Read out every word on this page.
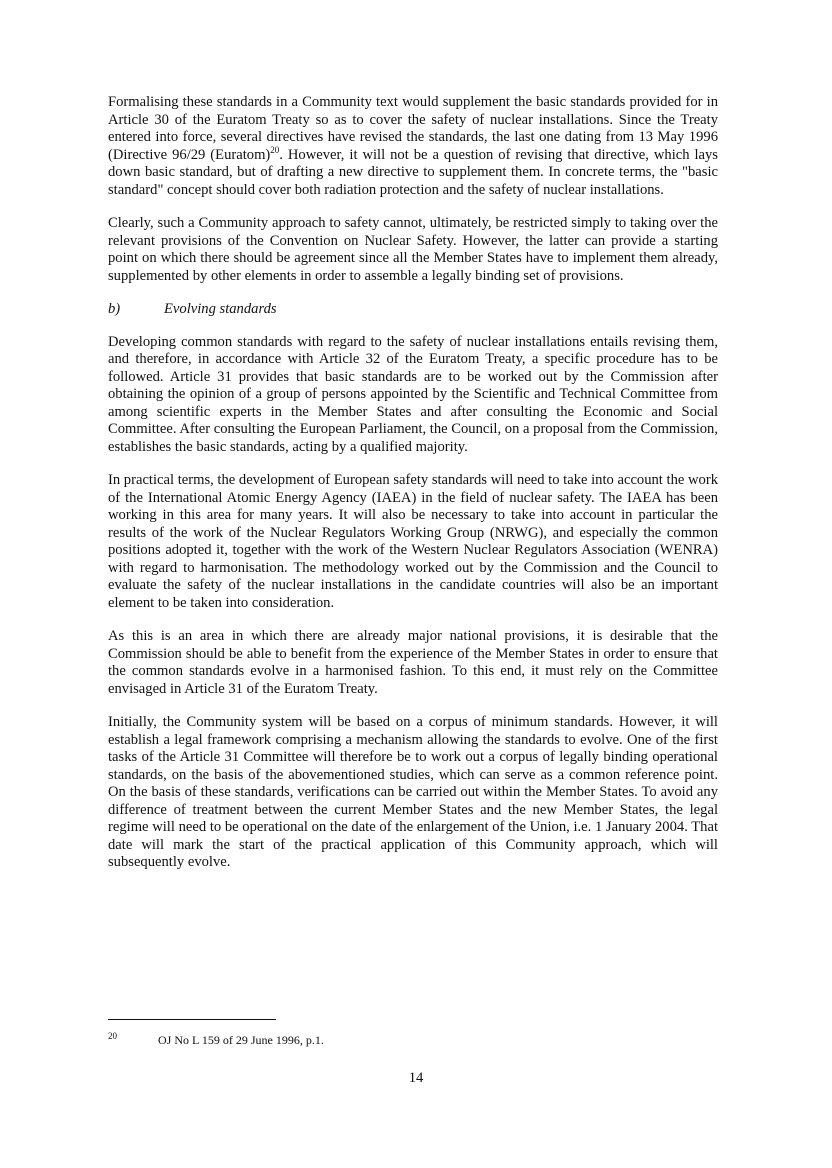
Formalising these standards in a Community text would supplement the basic standards provided for in Article 30 of the Euratom Treaty so as to cover the safety of nuclear installations. Since the Treaty entered into force, several directives have revised the standards, the last one dating from 13 May 1996 (Directive 96/29 (Euratom)$^{20}$. However, it will not be a question of revising that directive, which lays down basic standard, but of drafting a new directive to supplement them. In concrete terms, the "basic standard" concept should cover both radiation protection and the safety of nuclear installations.

Clearly, such a Community approach to safety cannot, ultimately, be restricted simply to taking over the relevant provisions of the Convention on Nuclear Safety. However, the latter can provide a starting point on which there should be agreement since all the Member States have to implement them already, supplemented by other elements in order to assemble a legally binding set of provisions.

b)	Evolving standards

Developing common standards with regard to the safety of nuclear installations entails revising them, and therefore, in accordance with Article 32 of the Euratom Treaty, a specific procedure has to be followed. Article 31 provides that basic standards are to be worked out by the Commission after obtaining the opinion of a group of persons appointed by the Scientific and Technical Committee from among scientific experts in the Member States and after consulting the Economic and Social Committee. After consulting the European Parliament, the Council, on a proposal from the Commission, establishes the basic standards, acting by a qualified majority.

In practical terms, the development of European safety standards will need to take into account the work of the International Atomic Energy Agency (IAEA) in the field of nuclear safety. The IAEA has been working in this area for many years. It will also be necessary to take into account in particular the results of the work of the Nuclear Regulators Working Group (NRWG), and especially the common positions adopted it, together with the work of the Western Nuclear Regulators Association (WENRA) with regard to harmonisation. The methodology worked out by the Commission and the Council to evaluate the safety of the nuclear installations in the candidate countries will also be an important element to be taken into consideration.

As this is an area in which there are already major national provisions, it is desirable that the Commission should be able to benefit from the experience of the Member States in order to ensure that the common standards evolve in a harmonised fashion. To this end, it must rely on the Committee envisaged in Article 31 of the Euratom Treaty.

Initially, the Community system will be based on a corpus of minimum standards. However, it will establish a legal framework comprising a mechanism allowing the standards to evolve. One of the first tasks of the Article 31 Committee will therefore be to work out a corpus of legally binding operational standards, on the basis of the abovementioned studies, which can serve as a common reference point. On the basis of these standards, verifications can be carried out within the Member States. To avoid any difference of treatment between the current Member States and the new Member States, the legal regime will need to be operational on the date of the enlargement of the Union, i.e. 1 January 2004. That date will mark the start of the practical application of this Community approach, which will subsequently evolve.

20	OJ No L 159 of 29 June 1996, p.1.
14
